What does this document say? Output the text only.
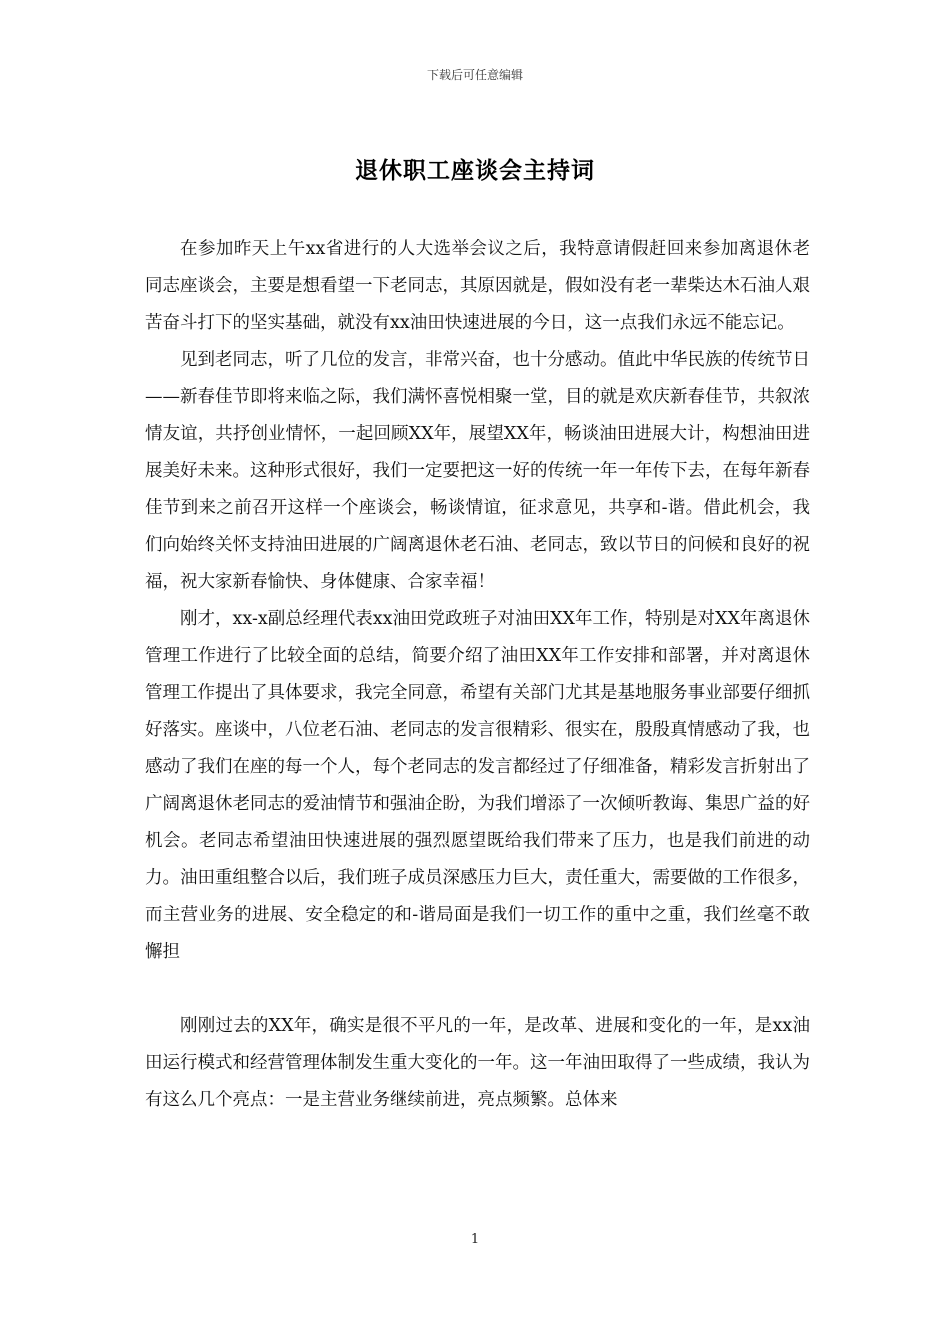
下载后可任意编辑
退休职工座谈会主持词

在参加昨天上午xx省进行的人大选举会议之后，我特意请假赶回来参加离退休老同志座谈会，主要是想看望一下老同志，其原因就是，假如没有老一辈柴达木石油人艰苦奋斗打下的坚实基础，就没有xx油田快速进展的今日，这一点我们永远不能忘记。

见到老同志，听了几位的发言，非常兴奋，也十分感动。值此中华民族的传统节日——新春佳节即将来临之际，我们满怀喜悦相聚一堂，目的就是欢庆新春佳节，共叙浓情友谊，共抒创业情怀，一起回顾XX年，展望XX年，畅谈油田进展大计，构想油田进展美好未来。这种形式很好，我们一定要把这一好的传统一年一年传下去，在每年新春佳节到来之前召开这样一个座谈会，畅谈情谊，征求意见，共享和-谐。借此机会，我们向始终关怀支持油田进展的广阔离退休老石油、老同志，致以节日的问候和良好的祝福，祝大家新春愉快、身体健康、合家幸福！

刚才，xx-x副总经理代表xx油田党政班子对油田XX年工作，特别是对XX年离退休管理工作进行了比较全面的总结，简要介绍了油田XX年工作安排和部署，并对离退休管理工作提出了具体要求，我完全同意，希望有关部门尤其是基地服务事业部要仔细抓好落实。座谈中，八位老石油、老同志的发言很精彩、很实在，殷殷真情感动了我，也感动了我们在座的每一个人，每个老同志的发言都经过了仔细准备，精彩发言折射出了广阔离退休老同志的爱油情节和强油企盼，为我们增添了一次倾听教诲、集思广益的好机会。老同志希望油田快速进展的强烈愿望既给我们带来了压力，也是我们前进的动力。油田重组整合以后，我们班子成员深感压力巨大，责任重大，需要做的工作很多，而主营业务的进展、安全稳定的和-谐局面是我们一切工作的重中之重，我们丝毫不敢懈担

刚刚过去的XX年，确实是很不平凡的一年，是改革、进展和变化的一年，是xx油田运行模式和经营管理体制发生重大变化的一年。这一年油田取得了一些成绩，我认为有这么几个亮点：一是主营业务继续前进，亮点频繁。总体来

1
